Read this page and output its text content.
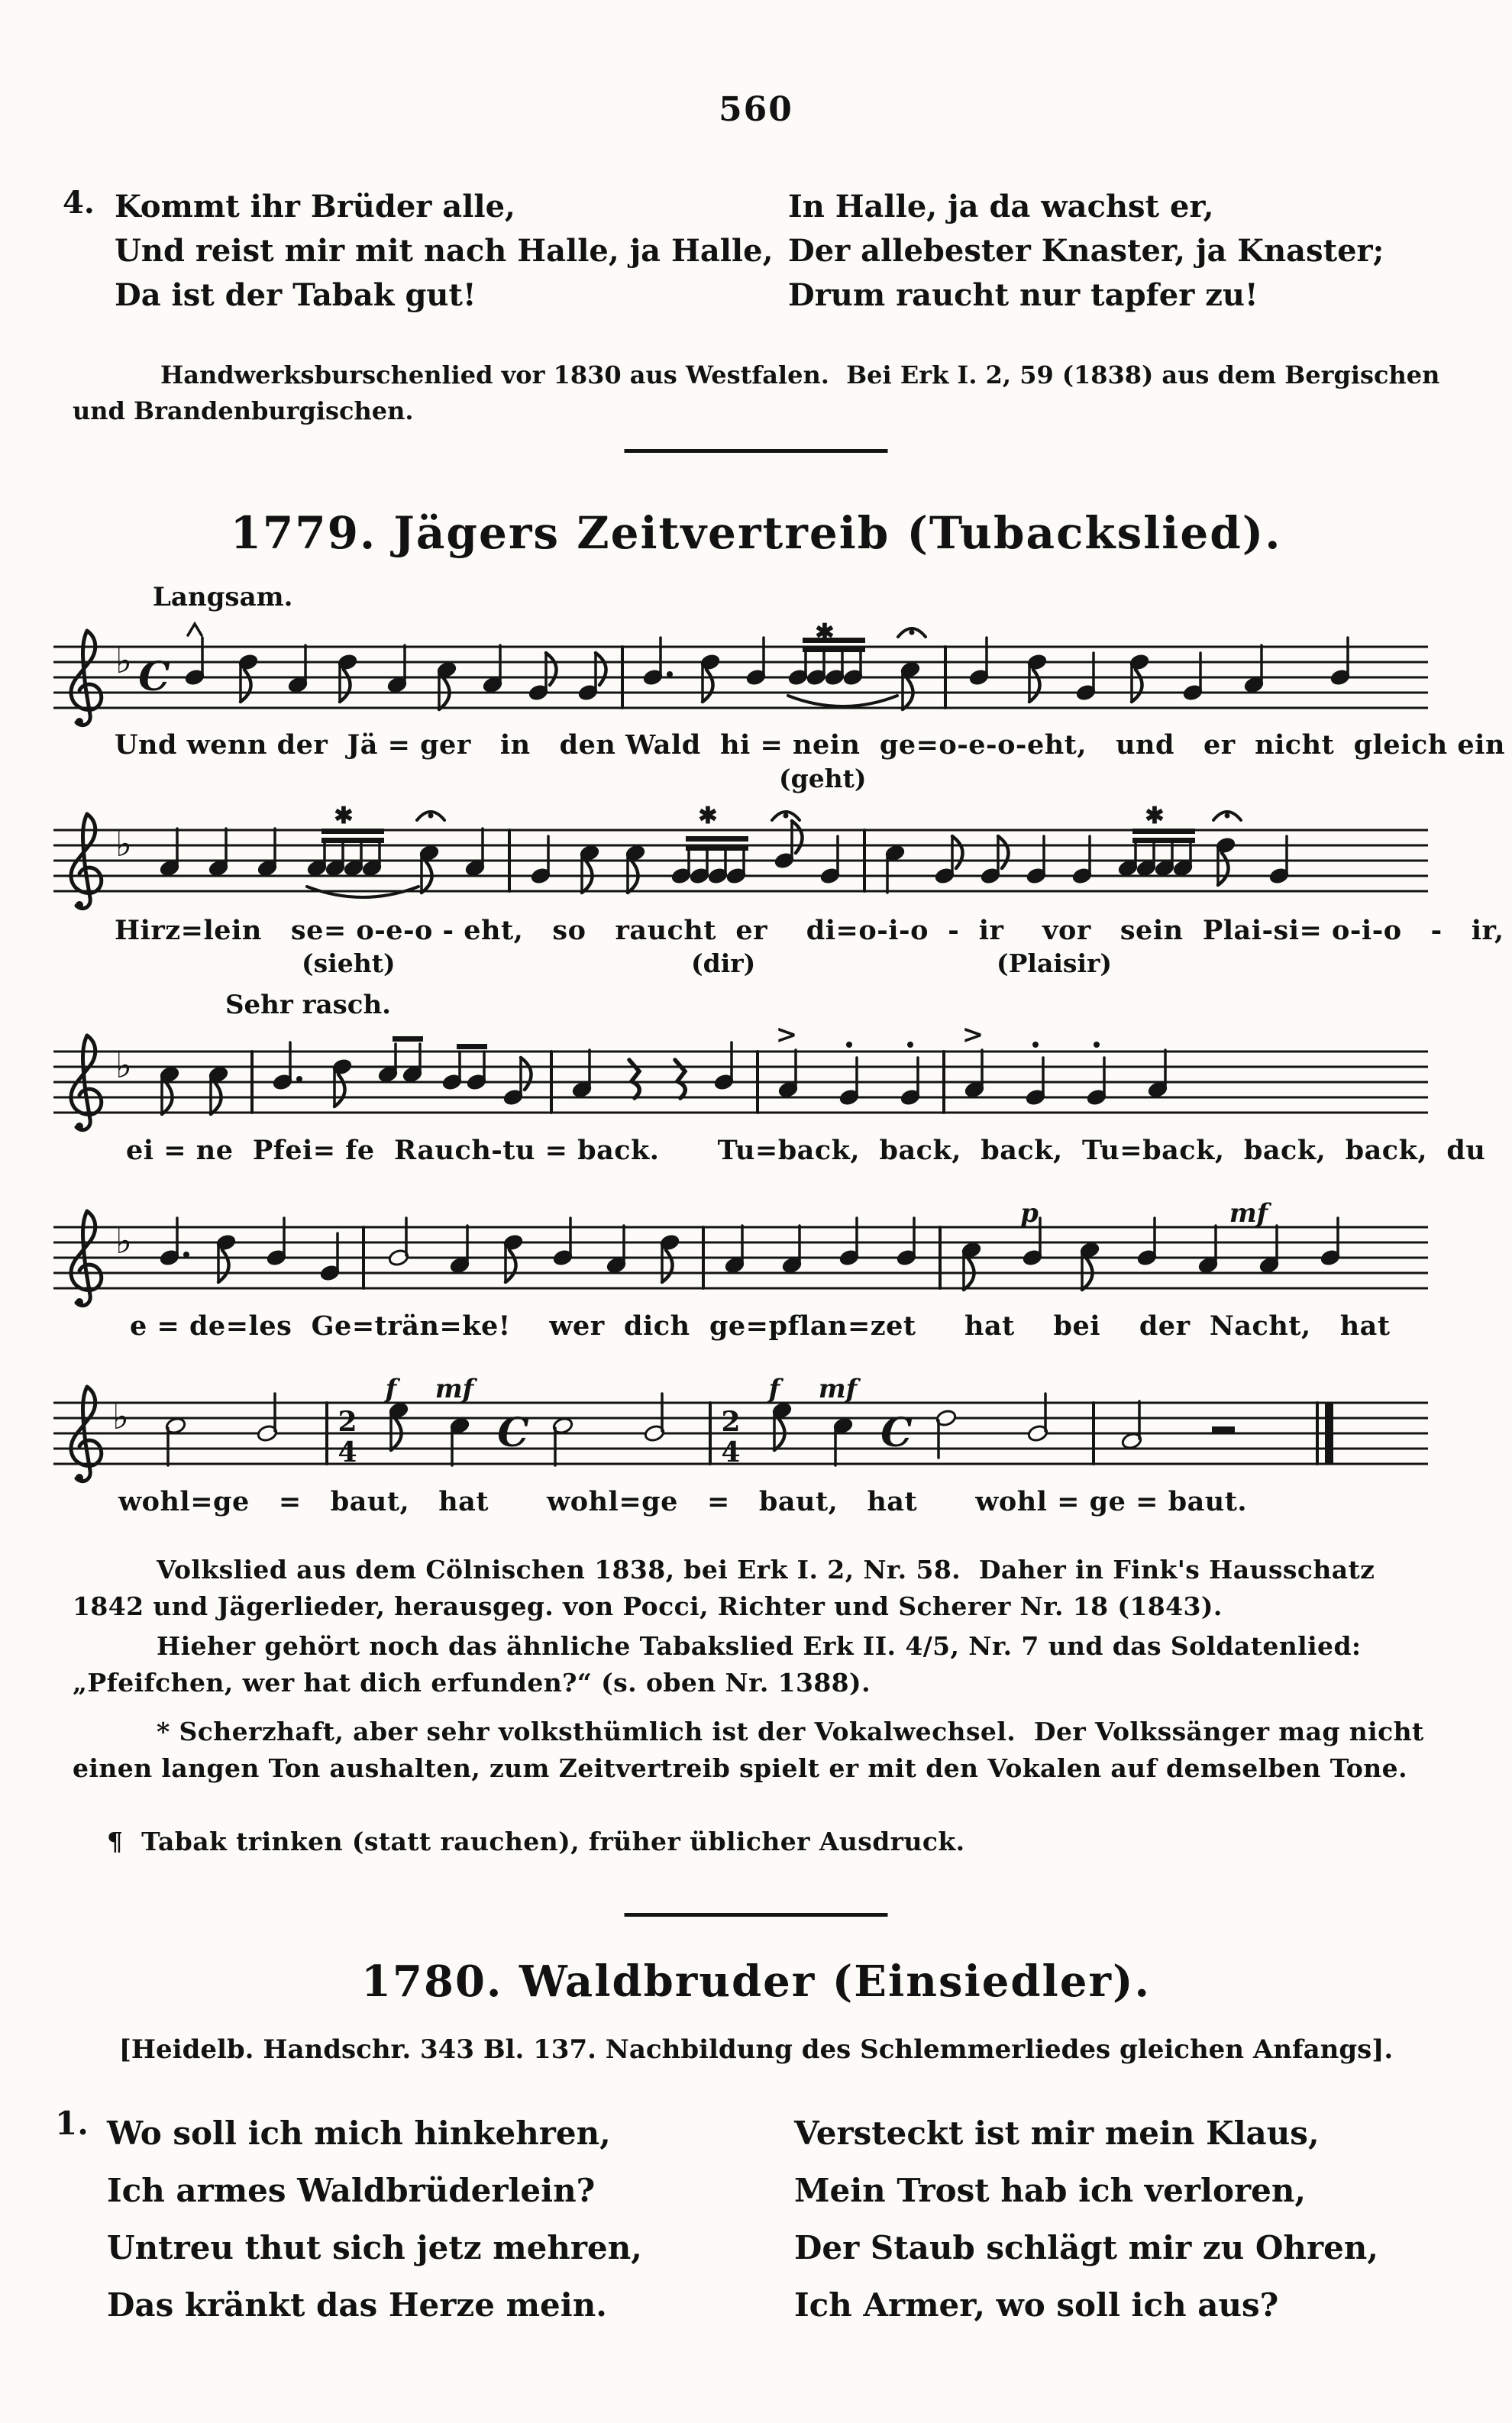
560
4. Kommt ihr Brüder alle,
Und reist mir mit nach Halle, ja Halle,
Da ist der Tabak gut!
In Halle, ja da wachst er,
Der allebester Knaster, ja Knaster;
Drum raucht nur tapfer zu!
Handwerksburschenlied vor 1830 aus Westfalen.  Bei Erk I. 2, 59 (1838) aus dem Bergischen
und Brandenburgischen.
1779. Jägers Zeitvertreib (Tubackslied).
Langsam.
Sehr rasch.
♭ C
✱
Und wenn der  Jä = ger   in   den Wald  hi = nein  ge=o-e-o-eht,   und   er  nicht  gleich ein
(geht)
♭
✱	✱	✱
Hirz=lein   se= o-e-o - eht,   so   raucht  er    di=o-i-o  -  ir    vor   sein  Plai-si= o-i-o   -   ir,
(sieht)	(dir)	(Plaisir)
♭
>	>
ei = ne  Pfei= fe  Rauch-tu = back.      Tu=back,  back,  back,  Tu=back,  back,  back,  du
♭
p	mf
e = de=les  Ge=trän=ke!    wer  dich  ge=pflan=zet     hat    bei    der  Nacht,   hat
♭	2
4
f mf
C	2
4
f mf
C
wohl=ge   =   baut,   hat      wohl=ge   =   baut,   hat      wohl = ge = baut.
Volkslied aus dem Cölnischen 1838, bei Erk I. 2, Nr. 58.  Daher in Fink's Hausschatz
1842 und Jägerlieder, herausgeg. von Pocci, Richter und Scherer Nr. 18 (1843).
Hieher gehört noch das ähnliche Tabakslied Erk II. 4/5, Nr. 7 und das Soldatenlied:
„Pfeifchen, wer hat dich erfunden?“ (s. oben Nr. 1388).
* Scherzhaft, aber sehr volksthümlich ist der Vokalwechsel.  Der Volkssänger mag nicht
einen langen Ton aushalten, zum Zeitvertreib spielt er mit den Vokalen auf demselben Tone.
¶  Tabak trinken (statt rauchen), früher üblicher Ausdruck.
1780. Waldbruder (Einsiedler).
[Heidelb. Handschr. 343 Bl. 137. Nachbildung des Schlemmerliedes gleichen Anfangs].
1. Wo soll ich mich hinkehren,
Ich armes Waldbrüderlein?
Untreu thut sich jetz mehren,
Das kränkt das Herze mein.
Versteckt ist mir mein Klaus,
Mein Trost hab ich verloren,
Der Staub schlägt mir zu Ohren,
Ich Armer, wo soll ich aus?
